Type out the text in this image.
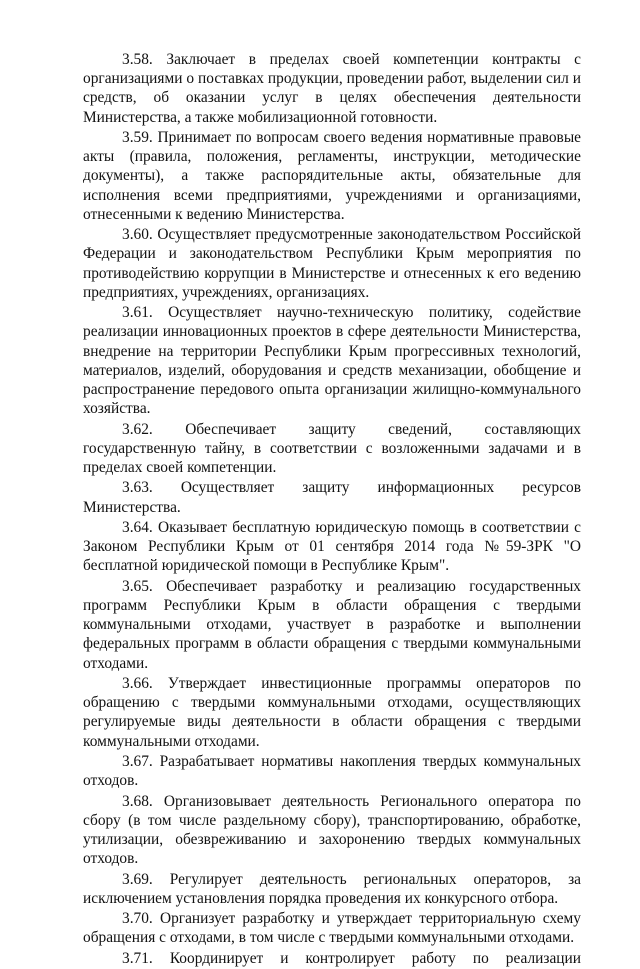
3.58. Заключает в пределах своей компетенции контракты с организациями о поставках продукции, проведении работ, выделении сил и средств, об оказании услуг в целях обеспечения деятельности Министерства, а также мобилизационной готовности.

3.59. Принимает по вопросам своего ведения нормативные правовые акты (правила, положения, регламенты, инструкции, методические документы), а также распорядительные акты, обязательные для исполнения всеми предприятиями, учреждениями и организациями, отнесенными к ведению Министерства.

3.60. Осуществляет предусмотренные законодательством Российской Федерации и законодательством Республики Крым мероприятия по противодействию коррупции в Министерстве и отнесенных к его ведению предприятиях, учреждениях, организациях.

3.61. Осуществляет научно-техническую политику, содействие реализации инновационных проектов в сфере деятельности Министерства, внедрение на территории Республики Крым прогрессивных технологий, материалов, изделий, оборудования и средств механизации, обобщение и распространение передового опыта организации жилищно-коммунального хозяйства.

3.62. Обеспечивает защиту сведений, составляющих государственную тайну, в соответствии с возложенными задачами и в пределах своей компетенции.

3.63. Осуществляет защиту информационных ресурсов Министерства.

3.64. Оказывает бесплатную юридическую помощь в соответствии с Законом Республики Крым от 01 сентября 2014 года №59-ЗРК "О бесплатной юридической помощи в Республике Крым".

3.65. Обеспечивает разработку и реализацию государственных программ Республики Крым в области обращения с твердыми коммунальными отходами, участвует в разработке и выполнении федеральных программ в области обращения с твердыми коммунальными отходами.

3.66. Утверждает инвестиционные программы операторов по обращению с твердыми коммунальными отходами, осуществляющих регулируемые виды деятельности в области обращения с твердыми коммунальными отходами.

3.67. Разрабатывает нормативы накопления твердых коммунальных отходов.

3.68. Организовывает деятельность Регионального оператора по сбору (в том числе раздельному сбору), транспортированию, обработке, утилизации, обезвреживанию и захоронению твердых коммунальных отходов.

3.69. Регулирует деятельность региональных операторов, за исключением установления порядка проведения их конкурсного отбора.

3.70. Организует разработку и утверждает территориальную схему обращения с отходами, в том числе с твердыми коммунальными отходами.

3.71. Координирует и контролирует работу по реализации
